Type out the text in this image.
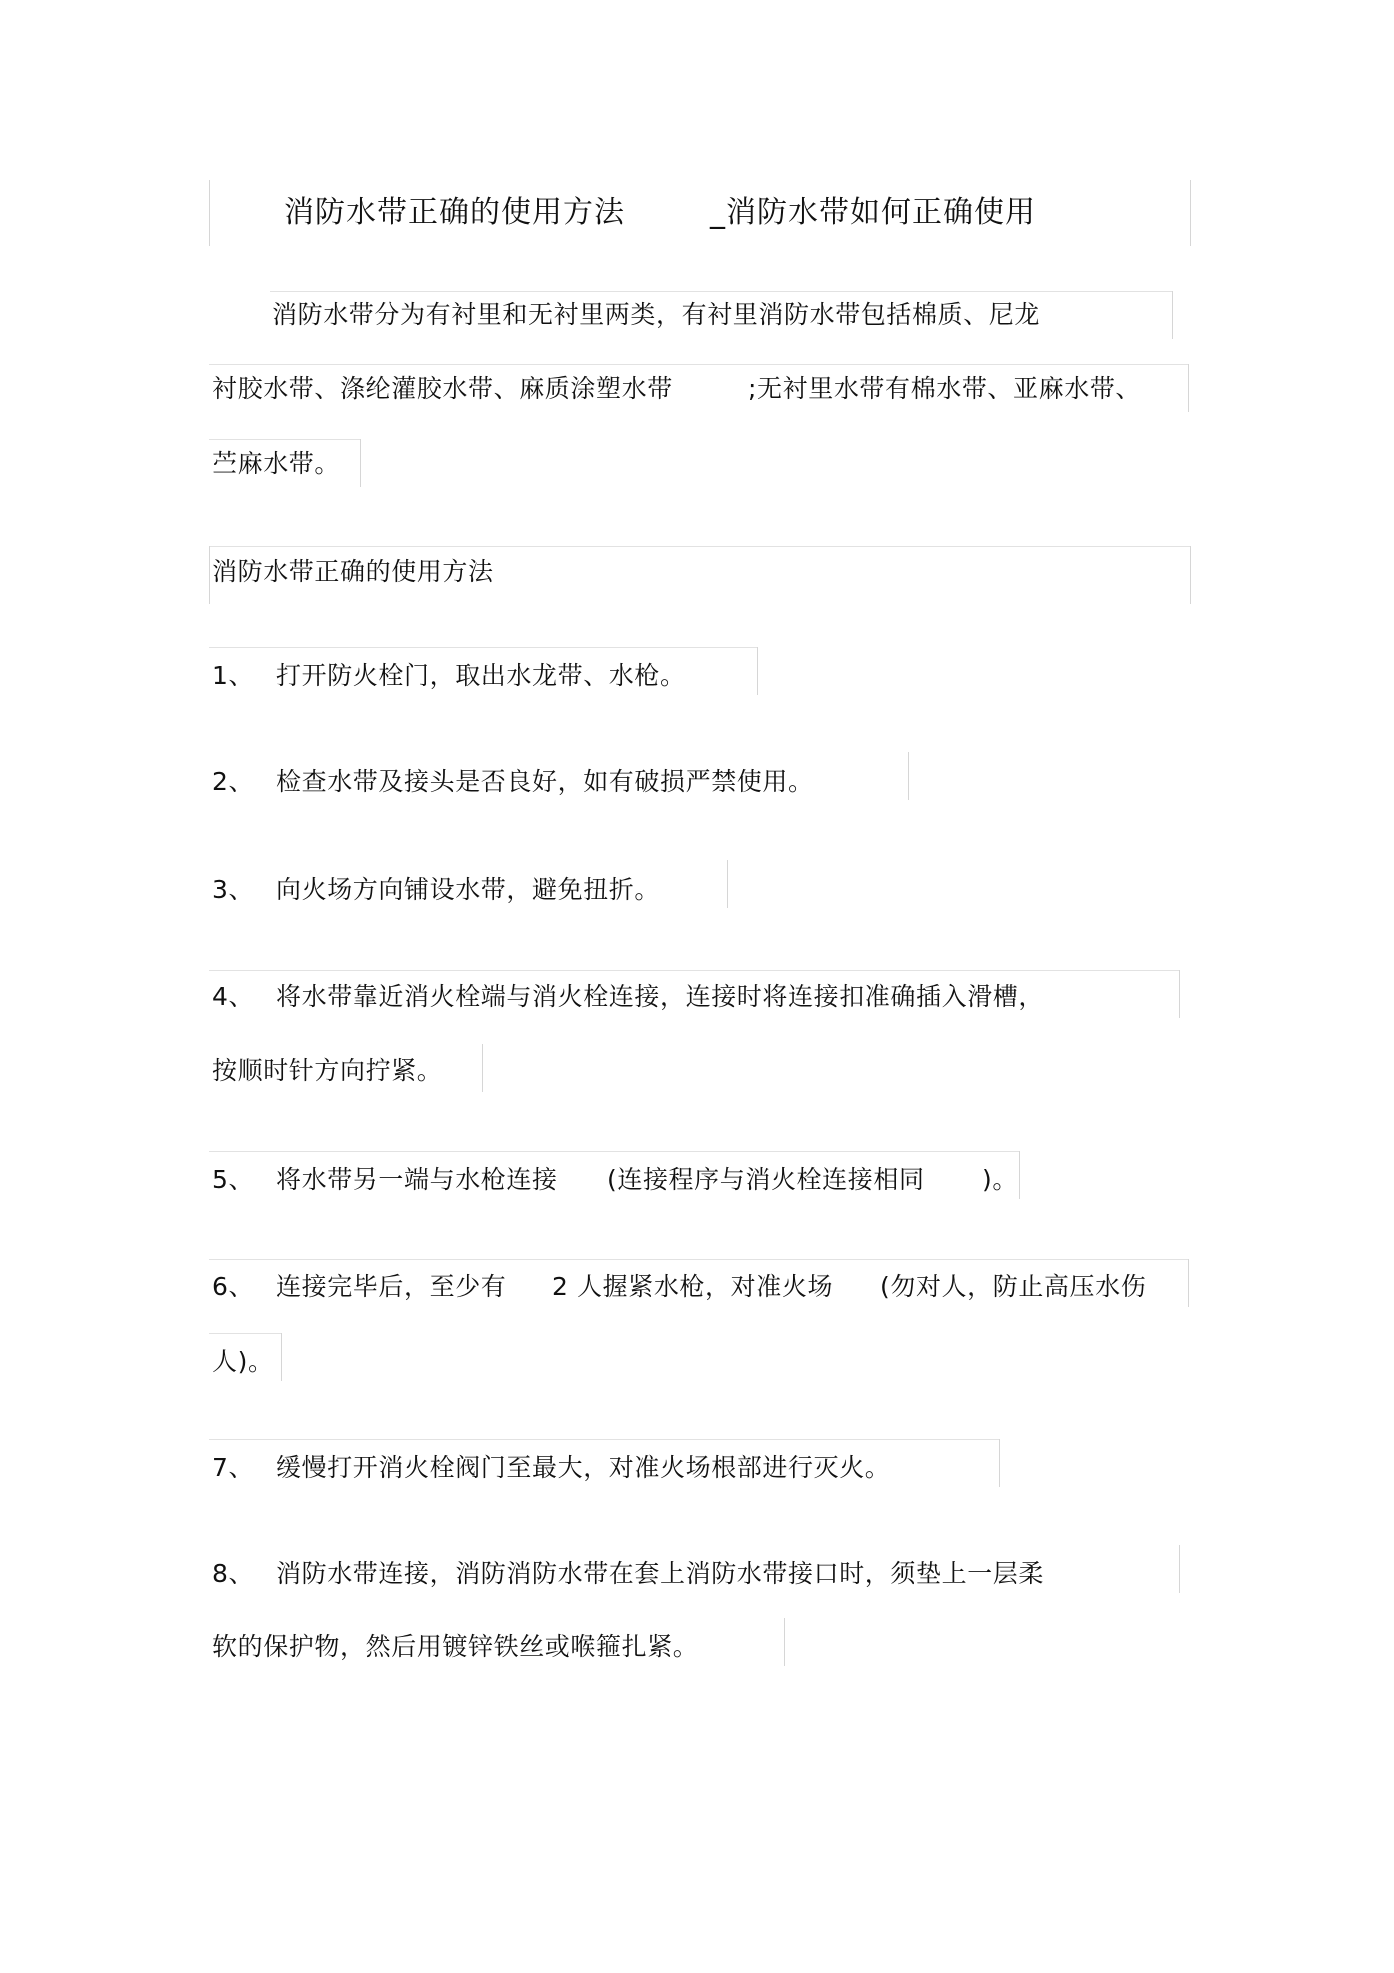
消防水带正确的使用方法	_消防水带如何正确使用
消防水带分为有衬里和无衬里两类，有衬里消防水带包括棉质、尼龙
衬胶水带、涤纶灌胶水带、麻质涂塑水带	;无衬里水带有棉水带、亚麻水带、
苎麻水带。
消防水带正确的使用方法
1、 打开防火栓门，取出水龙带、水枪。
2、 检查水带及接头是否良好，如有破损严禁使用。
3、 向火场方向铺设水带，避免扭折。
4、 将水带靠近消火栓端与消火栓连接，连接时将连接扣准确插入滑槽，
按顺时针方向拧紧。
5、 将水带另一端与水枪连接 (连接程序与消火栓连接相同 )。
6、 连接完毕后，至少有 2 人握紧水枪，对准火场 (勿对人，防止高压水伤
人)。
7、 缓慢打开消火栓阀门至最大，对准火场根部进行灭火。
8、 消防水带连接，消防消防水带在套上消防水带接口时，须垫上一层柔
软的保护物，然后用镀锌铁丝或喉箍扎紧。
